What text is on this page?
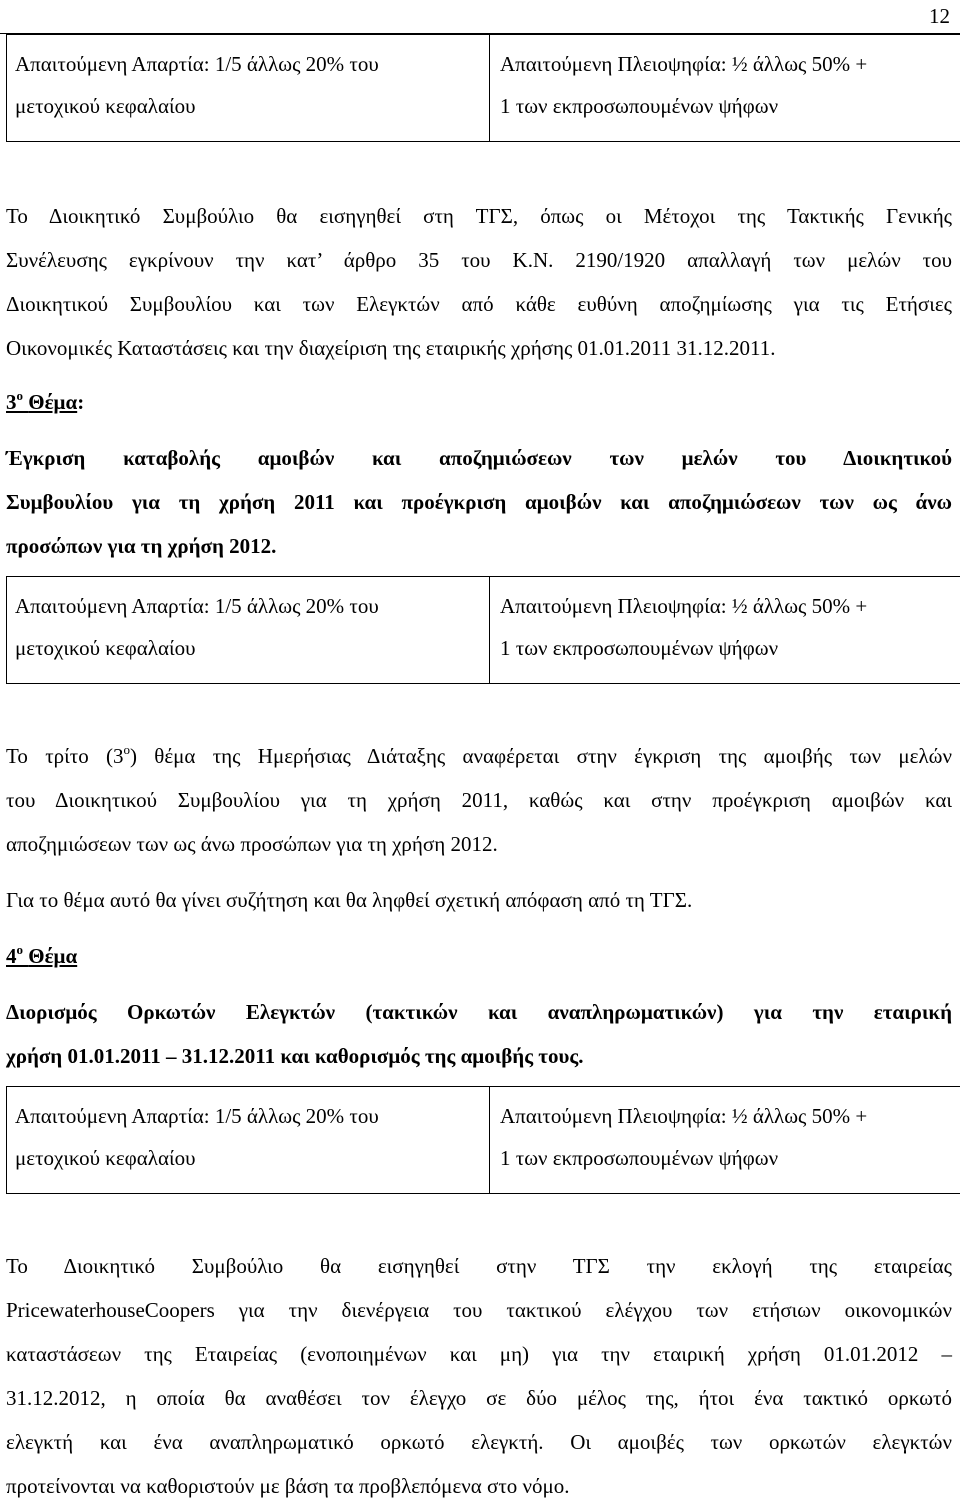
12
Απαιτούμενη Απαρτία: 1/5 άλλως 20% του
μετοχικού κεφαλαίου

Απαιτούμενη Πλειοψηφία: ½ άλλως 50% +
1 των εκπροσωπουμένων ψήφων
Το Διοικητικό Συμβούλιο θα εισηγηθεί στη ΤΓΣ, όπως οι Μέτοχοι της Τακτικής Γενικής
Συνέλευσης εγκρίνουν την κατ’ άρθρο 35 του Κ.Ν. 2190/1920 απαλλαγή των μελών του
Διοικητικού Συμβουλίου και των Ελεγκτών από κάθε ευθύνη αποζημίωσης για τις Ετήσιες
Οικονομικές Καταστάσεις και την διαχείριση της εταιρικής χρήσης 01.01.2011 31.12.2011.
$3^o$ Θέμα:
Έγκριση καταβολής αμοιβών και αποζημιώσεων των μελών του Διοικητικού
Συμβουλίου για τη χρήση 2011 και προέγκριση αμοιβών και αποζημιώσεων των ως άνω
προσώπων για τη χρήση 2012.
Απαιτούμενη Απαρτία: 1/5 άλλως 20% του
μετοχικού κεφαλαίου

Απαιτούμενη Πλειοψηφία: ½ άλλως 50% +
1 των εκπροσωπουμένων ψήφων
Το τρίτο $(3^o)$ θέμα της Ημερήσιας Διάταξης αναφέρεται στην έγκριση της αμοιβής των μελών
του Διοικητικού Συμβουλίου για τη χρήση 2011, καθώς και στην προέγκριση αμοιβών και
αποζημιώσεων των ως άνω προσώπων για τη χρήση 2012.
Για το θέμα αυτό θα γίνει συζήτηση και θα ληφθεί σχετική απόφαση από τη ΤΓΣ.
$4^o$ Θέμα
Διορισμός Ορκωτών Ελεγκτών (τακτικών και αναπληρωματικών) για την εταιρική
χρήση 01.01.2011 – 31.12.2011 και καθορισμός της αμοιβής τους.
Απαιτούμενη Απαρτία: 1/5 άλλως 20% του
μετοχικού κεφαλαίου

Απαιτούμενη Πλειοψηφία: ½ άλλως 50% +
1 των εκπροσωπουμένων ψήφων
Το Διοικητικό Συμβούλιο θα εισηγηθεί στην ΤΓΣ την εκλογή της εταιρείας
PricewaterhouseCoopers για την διενέργεια του τακτικού ελέγχου των ετήσιων οικονομικών
καταστάσεων της Εταιρείας (ενοποιημένων και μη) για την εταιρική χρήση 01.01.2012 –
31.12.2012, η οποία θα αναθέσει τον έλεγχο σε δύο μέλος της, ήτοι ένα τακτικό ορκωτό
ελεγκτή και ένα αναπληρωματικό ορκωτό ελεγκτή. Οι αμοιβές των ορκωτών ελεγκτών
προτείνονται να καθοριστούν με βάση τα προβλεπόμενα στο νόμο.
